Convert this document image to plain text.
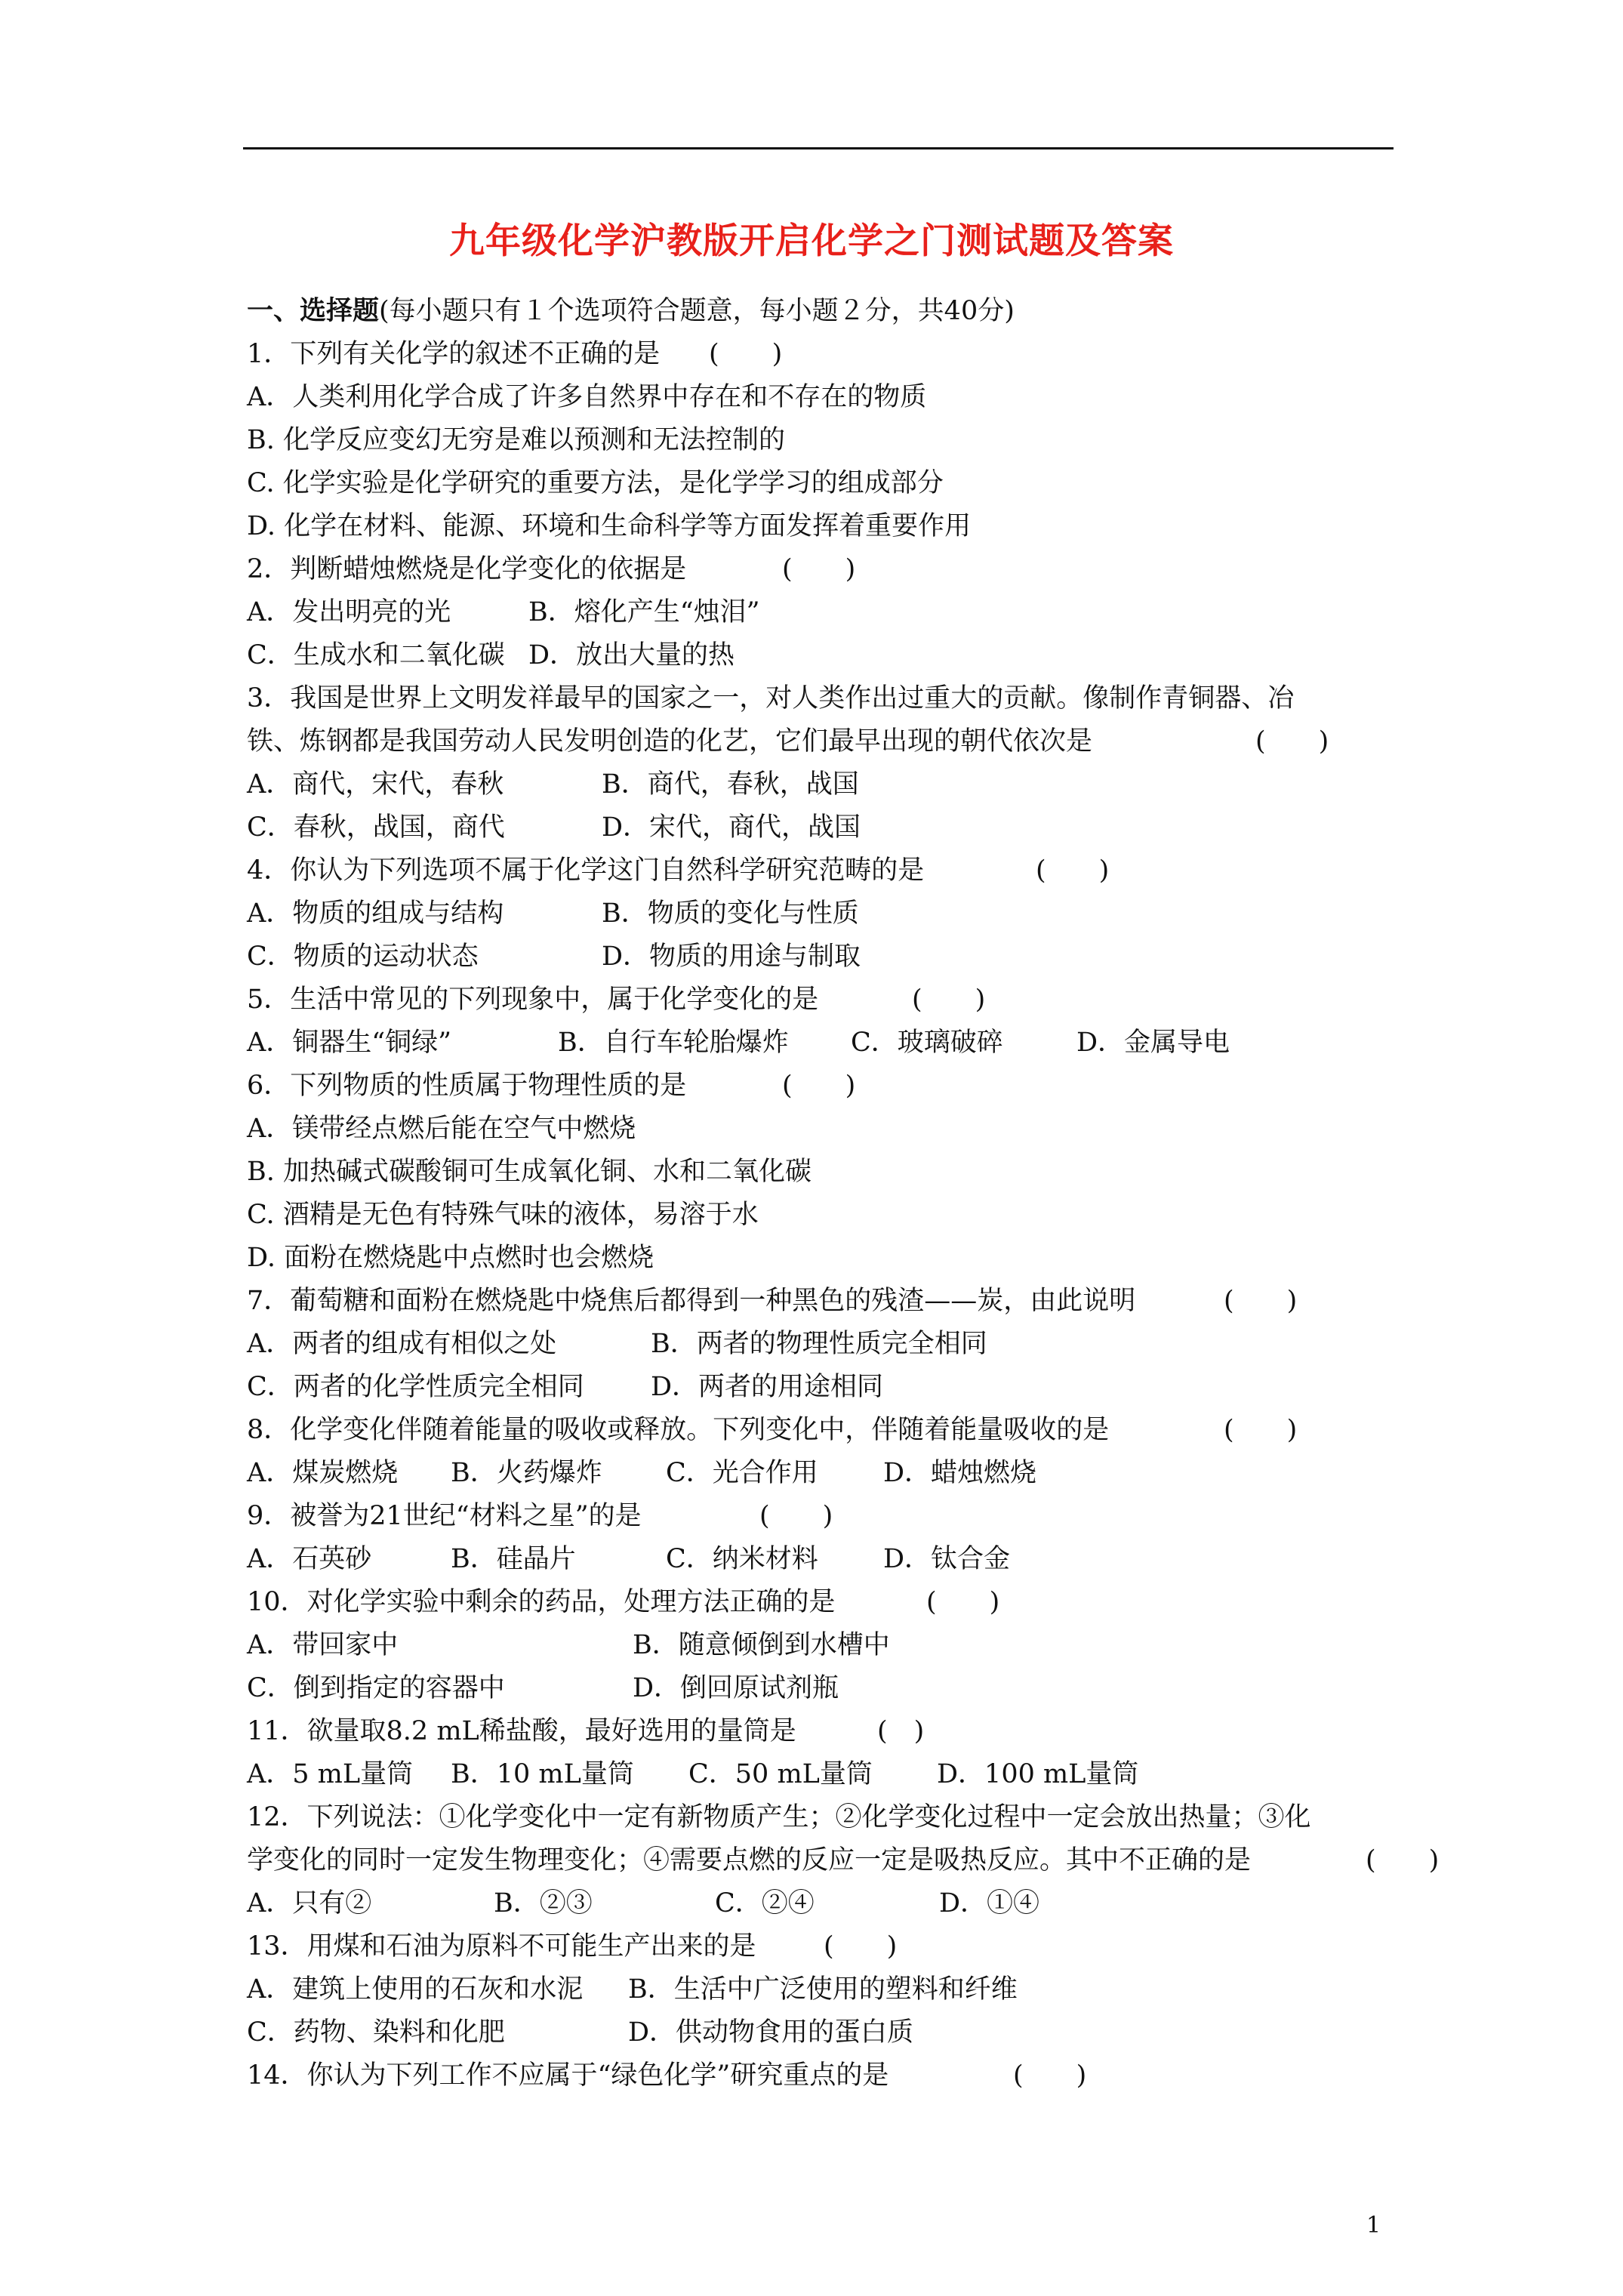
九年级化学沪教版开启化学之门测试题及答案
一、选择题(每小题只有１个选项符合题意，每小题２分，共40分)
1．下列有关化学的叙述不正确的是 (　　)
A．人类利用化学合成了许多自然界中存在和不存在的物质
B. 化学反应变幻无穷是难以预测和无法控制的
C. 化学实验是化学研究的重要方法，是化学学习的组成部分
D. 化学在材料、能源、环境和生命科学等方面发挥着重要作用
2．判断蜡烛燃烧是化学变化的依据是	(　　)
A．发出明亮的光	B．熔化产生“烛泪”
C．生成水和二氧化碳 D．放出大量的热
3．我国是世界上文明发祥最早的国家之一，对人类作出过重大的贡献。像制作青铜器、冶
铁、炼钢都是我国劳动人民发明创造的化艺，它们最早出现的朝代依次是	(　　)
A．商代，宋代，春秋	B．商代，春秋，战国
C．春秋，战国，商代	D．宋代，商代，战国
4．你认为下列选项不属于化学这门自然科学研究范畴的是	(　　)
A．物质的组成与结构	B．物质的变化与性质
C．物质的运动状态	D．物质的用途与制取
5．生活中常见的下列现象中，属于化学变化的是	(　　)
A．铜器生“铜绿”	B．自行车轮胎爆炸 C．玻璃破碎	D．金属导电
6．下列物质的性质属于物理性质的是	(　　)
A．镁带经点燃后能在空气中燃烧
B. 加热碱式碳酸铜可生成氧化铜、水和二氧化碳
C. 酒精是无色有特殊气味的液体，易溶于水
D. 面粉在燃烧匙中点燃时也会燃烧
7．葡萄糖和面粉在燃烧匙中烧焦后都得到一种黑色的残渣——炭，由此说明	(　　)
A．两者的组成有相似之处	B．两者的物理性质完全相同
C．两者的化学性质完全相同	D．两者的用途相同
8．化学变化伴随着能量的吸收或释放。下列变化中，伴随着能量吸收的是	(　　)
A．煤炭燃烧 B．火药爆炸 C．光合作用 D．蜡烛燃烧
9．被誉为21世纪“材料之星”的是	(　　)
A．石英砂	B．硅晶片	C．纳米材料 D．钛合金
10．对化学实验中剩余的药品，处理方法正确的是	(　　)
A．带回家中	B．随意倾倒到水槽中
C．倒到指定的容器中	D．倒回原试剂瓶
11．欲量取8.2 mL稀盐酸，最好选用的量筒是	(　)
A．5 mL量筒 B．10 mL量筒 C．50 mL量筒 D．100 mL量筒
12．下列说法：①化学变化中一定有新物质产生；②化学变化过程中一定会放出热量；③化
学变化的同时一定发生物理变化；④需要点燃的反应一定是吸热反应。其中不正确的是	(　　)
A．只有②	B．②③	C．②④	D．①④
13．用煤和石油为原料不可能生产出来的是	(　　)
A．建筑上使用的石灰和水泥 B．生活中广泛使用的塑料和纤维
C．药物、染料和化肥	D．供动物食用的蛋白质
14．你认为下列工作不应属于“绿色化学”研究重点的是	(　　)
1
